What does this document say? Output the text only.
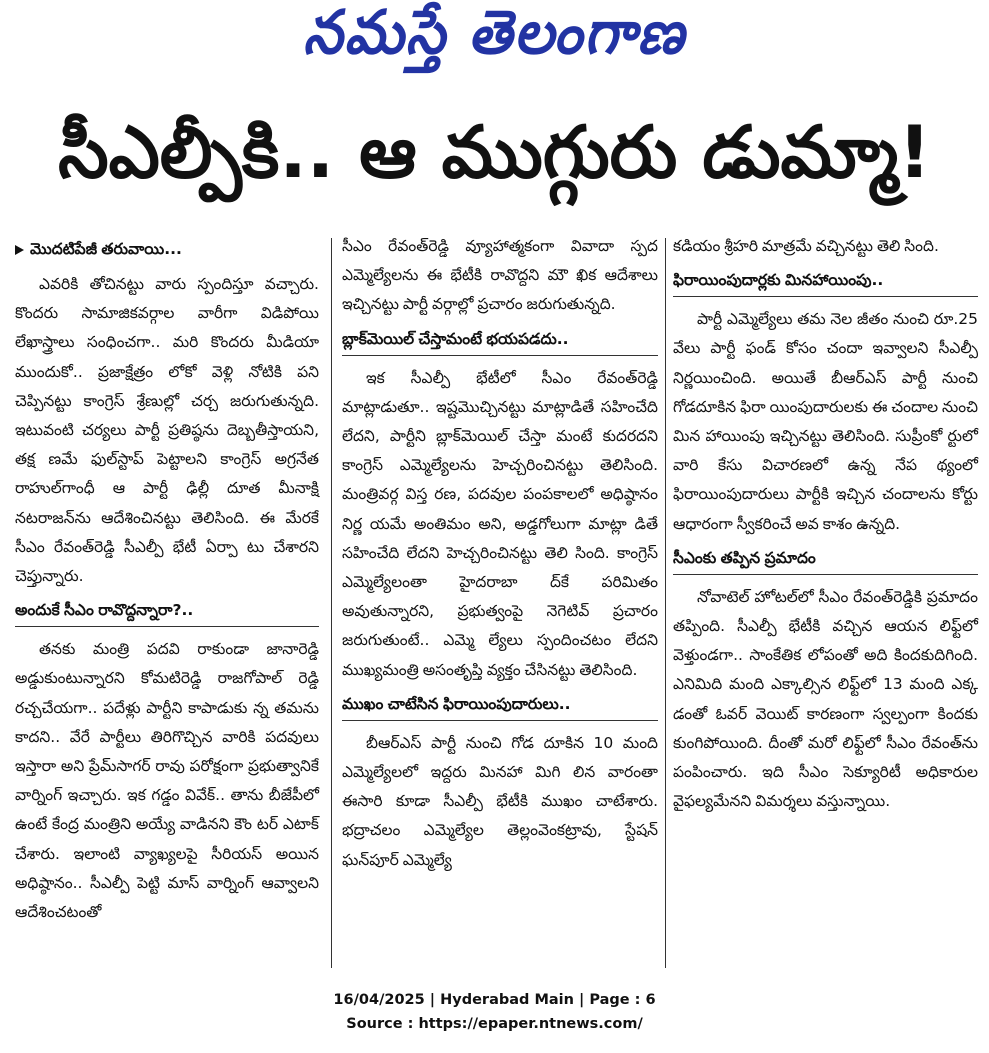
నమస్తే తెలంగాణ
సీఎల్పీకి.. ఆ ముగ్గురు డుమ్మా!
మొదటిపేజీ తరువాయి...

ఎవరికి తోచినట్టు వారు స్పందిస్తూ వచ్చారు. కొందరు సామాజికవర్గాల వారీగా విడిపోయి లేఖాస్త్రాలు సంధించగా.. మరి కొందరు మీడియా ముందుకో.. ప్రజాక్షేత్రం లోకో వెళ్లి నోటికి పని చెప్పినట్టు కాంగ్రెస్ శ్రేణుల్లో చర్చ జరుగుతున్నది. ఇటువంటి చర్యలు పార్టీ ప్రతిష్ఠను దెబ్బతీస్తాయని, తక్ష ణమే ఫుల్‌స్టాప్ పెట్టాలని కాంగ్రెస్ అగ్రనేత రాహుల్‌గాంధీ ఆ పార్టీ ఢిల్లీ దూత మీనాక్షి నటరాజన్‌ను ఆదేశించినట్టు తెలిసింది. ఈ మేరకే సీఎం రేవంత్‌రెడ్డి సీఎల్పీ భేటీ ఏర్పా టు చేశారని చెప్తున్నారు.

అందుకే సీఎం రావొద్దన్నారా?..

తనకు మంత్రి పదవి రాకుండా జానారెడ్డి అడ్డుకుంటున్నారని కోమటిరెడ్డి రాజగోపాల్ రెడ్డి రచ్చచేయగా.. పదేళ్లు పార్టీని కాపాడుకు న్న తమను కాదని.. వేరే పార్టీలు తిరిగొచ్చిన వారికి పదవులు ఇస్తారా అని ప్రేమ్‌సాగర్ రావు పరోక్షంగా ప్రభుత్వానికే వార్నింగ్ ఇచ్చారు. ఇక గడ్డం వివేక్.. తాను బీజేపీలో ఉంటే కేంద్ర మంత్రిని అయ్యే వాడినని కౌం టర్ ఎటాక్ చేశారు. ఇలాంటి వ్యాఖ్యలపై సీరియస్ అయిన అధిష్ఠానం.. సీఎల్పీ పెట్టి మాస్ వార్నింగ్ ఆవ్వాలని ఆదేశించటంతో

సీఎం రేవంత్‌రెడ్డి వ్యూహాత్మకంగా వివాదా స్పద ఎమ్మెల్యేలను ఈ భేటీకి రావొద్దని మౌ ఖిక ఆదేశాలు ఇచ్చినట్టు పార్టీ వర్గాల్లో ప్రచారం జరుగుతున్నది.

బ్లాక్‌మెయిల్ చేస్తామంటే భయపడదు..

ఇక సీఎల్పీ భేటీలో సీఎం రేవంత్‌రెడ్డి మాట్లాడుతూ.. ఇష్టమొచ్చినట్టు మాట్లాడితే సహించేది లేదని, పార్టీని బ్లాక్‌మెయిల్ చేస్తా మంటే కుదరదని కాంగ్రెస్ ఎమ్మెల్యేలను హెచ్చరించినట్టు తెలిసింది. మంత్రివర్గ విస్త రణ, పదవుల పంపకాలలో అధిష్ఠానం నిర్ణ యమే అంతిమం అని, అడ్డగోలుగా మాట్లా డితే సహించేది లేదని హెచ్చరించినట్టు తెలి సింది. కాంగ్రెస్ ఎమ్మెల్యేలంతా హైదరాబా ద్‌కే పరిమితం అవుతున్నారని, ప్రభుత్వంపై నెగెటివ్ ప్రచారం జరుగుతుంటే.. ఎమ్మె ల్యేలు స్పందించటం లేదని ముఖ్యమంత్రి అసంతృప్తి వ్యక్తం చేసినట్టు తెలిసింది.

ముఖం చాటేసిన ఫిరాయింపుదారులు..

బీఆర్‌ఎస్ పార్టీ నుంచి గోడ దూకిన 10 మంది ఎమ్మెల్యేలలో ఇద్దరు మినహా మిగి లిన వారంతా ఈసారి కూడా సీఎల్పీ భేటీకి ముఖం చాటేశారు. భద్రాచలం ఎమ్మెల్యేల తెల్లంవెంకట్రావు, స్టేషన్ ఘన్‌పూర్ ఎమ్మెల్యే

కడియం శ్రీహరి మాత్రమే వచ్చినట్టు తెలి సింది.

ఫిరాయింపుదార్లకు మినహాయింపు..

పార్టీ ఎమ్మెల్యేలు తమ నెల జీతం నుంచి రూ.25 వేలు పార్టీ ఫండ్ కోసం చందా ఇవ్వాలని సీఎల్పీ నిర్ణయించింది. అయితే బీఆర్‌ఎస్ పార్టీ నుంచి గోడదూకిన ఫిరా యింపుదారులకు ఈ చందాల నుంచి మిన హాయింపు ఇచ్చినట్టు తెలిసింది. సుప్రీంకో ర్టులో వారి కేసు విచారణలో ఉన్న నేప థ్యంలో ఫిరాయింపుదారులు పార్టీకి ఇచ్చిన చందాలను కోర్టు ఆధారంగా స్వీకరించే అవ కాశం ఉన్నది.

సీఎంకు తప్పిన ప్రమాదం

నోవాటెల్ హోటల్‌లో సీఎం రేవంత్‌రెడ్డికి ప్రమాదం తప్పింది. సీఎల్పీ భేటీకి వచ్చిన ఆయన లిఫ్ట్‌లో వెళ్తుండగా.. సాంకేతిక లోపంతో అది కిందకుదిగింది. ఎనిమిది మంది ఎక్కాల్సిన లిఫ్ట్‌లో 13 మంది ఎక్క డంతో ఓవర్ వెయిట్ కారణంగా స్వల్పంగా కిందకు కుంగిపోయింది. దీంతో మరో లిఫ్ట్‌లో సీఎం రేవంత్‌ను పంపించారు. ఇది సీఎం సెక్యూరిటీ అధికారుల వైఫల్యమేనని విమర్శలు వస్తున్నాయి.

16/04/2025 | Hyderabad Main | Page : 6
Source : https://epaper.ntnews.com/
